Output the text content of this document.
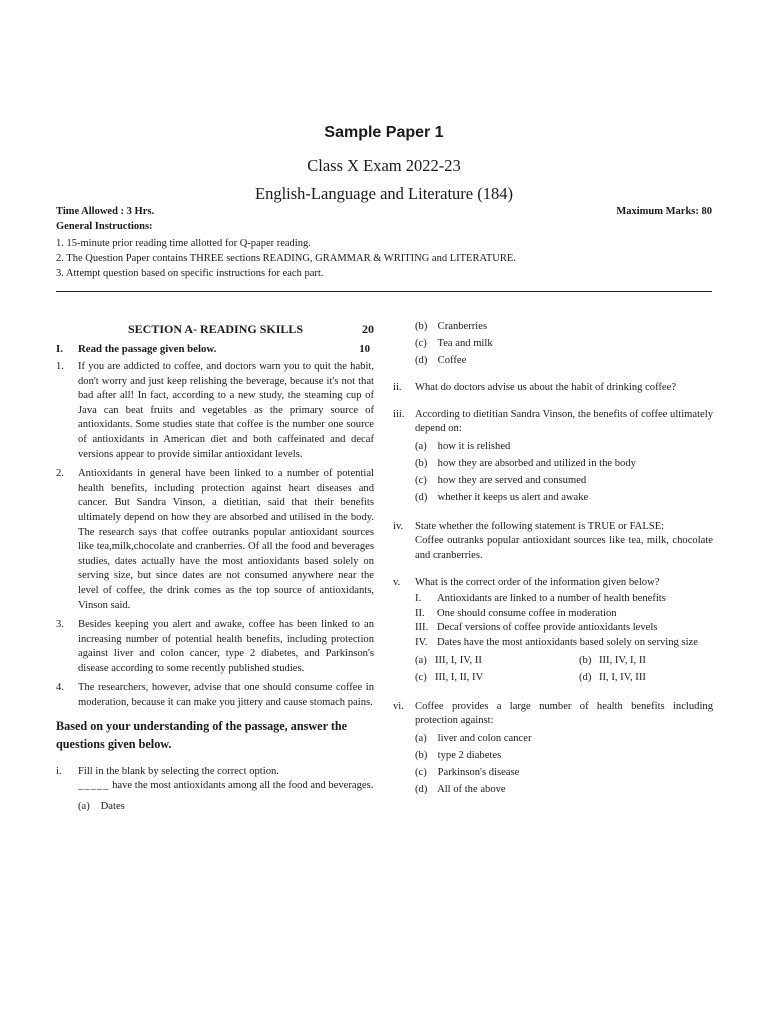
Sample Paper 1
Class X Exam 2022-23
English-Language and Literature (184)
Time Allowed : 3 Hrs.	Maximum Marks: 80
General Instructions:
1. 15-minute prior reading time allotted for Q-paper reading.
2. The Question Paper contains THREE sections READING, GRAMMAR & WRITING and LITERATURE.
3. Attempt question based on specific instructions for each part.
SECTION A- READING SKILLS	20
I. Read the passage given below.	10
1. If you are addicted to coffee, and doctors warn you to quit the habit, don't worry and just keep relishing the beverage, because it's not that bad after all! In fact, according to a new study, the steaming cup of Java can beat fruits and vegetables as the primary source of antioxidants. Some studies state that coffee is the number one source of antioxidants in American diet and both caffeinated and decaf versions appear to provide similar antioxidant levels.
2. Antioxidants in general have been linked to a number of potential health benefits, including protection against heart diseases and cancer. But Sandra Vinson, a dietitian, said that their benefits ultimately depend on how they are absorbed and utilised in the body. The research says that coffee outranks popular antioxidant sources like tea,milk,chocolate and cranberries. Of all the food and beverages studies, dates actually have the most antioxidants based solely on serving size, but since dates are not consumed anywhere near the level of coffee, the drink comes as the top source of antioxidants, Vinson said.
3. Besides keeping you alert and awake, coffee has been linked to an increasing number of potential health benefits, including protection against liver and colon cancer, type 2 diabetes, and Parkinson's disease according to some recently published studies.
4. The researchers, however, advise that one should consume coffee in moderation, because it can make you jittery and cause stomach pains.
Based on your understanding of the passage, answer the questions given below.
i. Fill in the blank by selecting the correct option.
_____ have the most antioxidants among all the food and beverages.
(a) Dates
(b) Cranberries
(c) Tea and milk
(d) Coffee
ii. What do doctors advise us about the habit of drinking coffee?
iii. According to dietitian Sandra Vinson, the benefits of coffee ultimately depend on:
(a) how it is relished
(b) how they are absorbed and utilized in the body
(c) how they are served and consumed
(d) whether it keeps us alert and awake
iv. State whether the following statement is TRUE or FALSE:
Coffee outranks popular antioxidant sources like tea, milk, chocolate and cranberries.
v. What is the correct order of the information given below?
I. Antioxidants are linked to a number of health benefits
II. One should consume coffee in moderation
III. Decaf versions of coffee provide antioxidants levels
IV. Dates have the most antioxidants based solely on serving size
(a) III, I, IV, II	(b) III, IV, I, II
(c) III, I, II, IV	(d) II, I, IV, III
vi. Coffee provides a large number of health benefits including protection against:
(a) liver and colon cancer
(b) type 2 diabetes
(c) Parkinson's disease
(d) All of the above
